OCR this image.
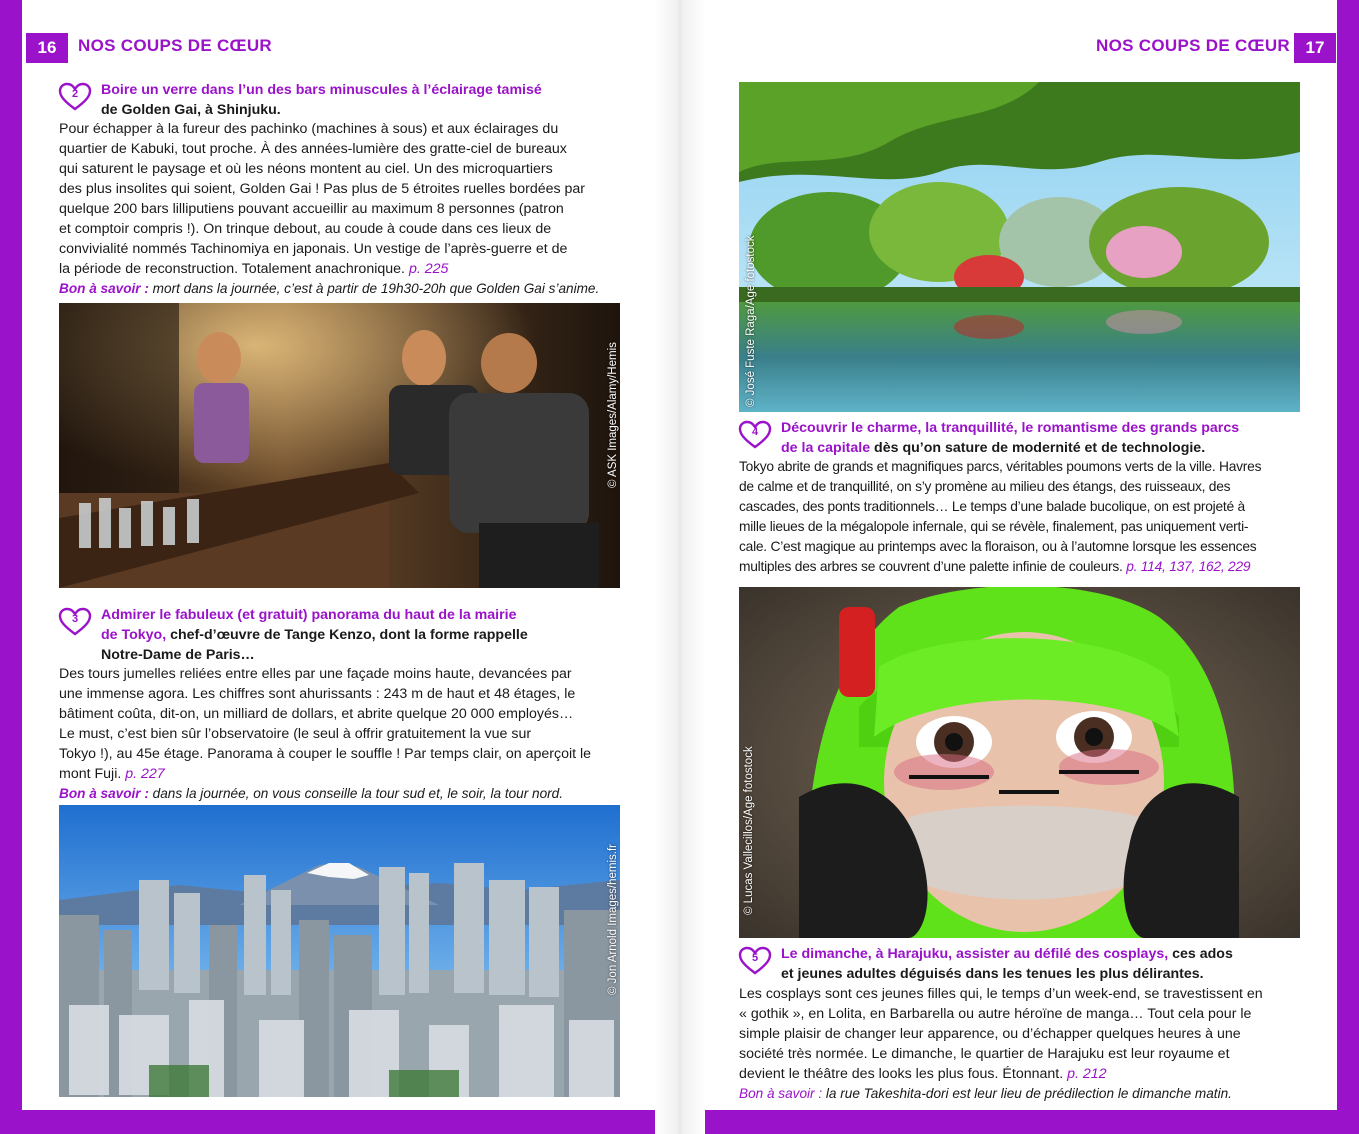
16	NOS COUPS DE CŒUR
2	Boire un verre dans l’un des bars minuscules à l’éclairage tamisé
de Golden Gai, à Shinjuku.
Pour échapper à la fureur des pachinko (machines à sous) et aux éclairages du
quartier de Kabuki, tout proche. À des années-lumière des gratte-ciel de bureaux
qui saturent le paysage et où les néons montent au ciel. Un des microquartiers
des plus insolites qui soient, Golden Gai ! Pas plus de 5 étroites ruelles bordées par
quelque 200 bars lilliputiens pouvant accueillir au maximum 8 personnes (patron
et comptoir compris !). On trinque debout, au coude à coude dans ces lieux de
convivialité nommés Tachinomiya en japonais. Un vestige de l’après-guerre et de
la période de reconstruction. Totalement anachronique. p. 225
Bon à savoir : mort dans la journée, c’est à partir de 19h30-20h que Golden Gai s’anime.
© ASK Images/Alamy/Hemis
3	Admirer le fabuleux (et gratuit) panorama du haut de la mairie
de Tokyo, chef-d’œuvre de Tange Kenzo, dont la forme rappelle
Notre-Dame de Paris…
Des tours jumelles reliées entre elles par une façade moins haute, devancées par
une immense agora. Les chiffres sont ahurissants : 243 m de haut et 48 étages, le
bâtiment coûta, dit-on, un milliard de dollars, et abrite quelque 20 000 employés…
Le must, c’est bien sûr l’observatoire (le seul à offrir gratuitement la vue sur
Tokyo !), au 45e étage. Panorama à couper le souffle ! Par temps clair, on aperçoit le
mont Fuji. p. 227
Bon à savoir : dans la journée, on vous conseille la tour sud et, le soir, la tour nord.
© Jon Arnold Images/hemis.fr
NOS COUPS DE CŒUR 17
© José Fuste Raga/Age fotostock
4	Découvrir le charme, la tranquillité, le romantisme des grands parcs
de la capitale dès qu’on sature de modernité et de technologie.
Tokyo abrite de grands et magnifiques parcs, véritables poumons verts de la ville. Havres
de calme et de tranquillité, on s’y promène au milieu des étangs, des ruisseaux, des
cascades, des ponts traditionnels… Le temps d’une balade bucolique, on est projeté à
mille lieues de la mégalopole infernale, qui se révèle, finalement, pas uniquement verti-
cale. C’est magique au printemps avec la floraison, ou à l’automne lorsque les essences
multiples des arbres se couvrent d’une palette infinie de couleurs. p. 114, 137, 162, 229
© Lucas Vallecillos/Age fotostock
5	Le dimanche, à Harajuku, assister au défilé des cosplays, ces ados
et jeunes adultes déguisés dans les tenues les plus délirantes.
Les cosplays sont ces jeunes filles qui, le temps d’un week-end, se travestissent en
« gothik », en Lolita, en Barbarella ou autre héroïne de manga… Tout cela pour le
simple plaisir de changer leur apparence, ou d’échapper quelques heures à une
société très normée. Le dimanche, le quartier de Harajuku est leur royaume et
devient le théâtre des looks les plus fous. Étonnant. p. 212
Bon à savoir : la rue Takeshita-dori est leur lieu de prédilection le dimanche matin.
